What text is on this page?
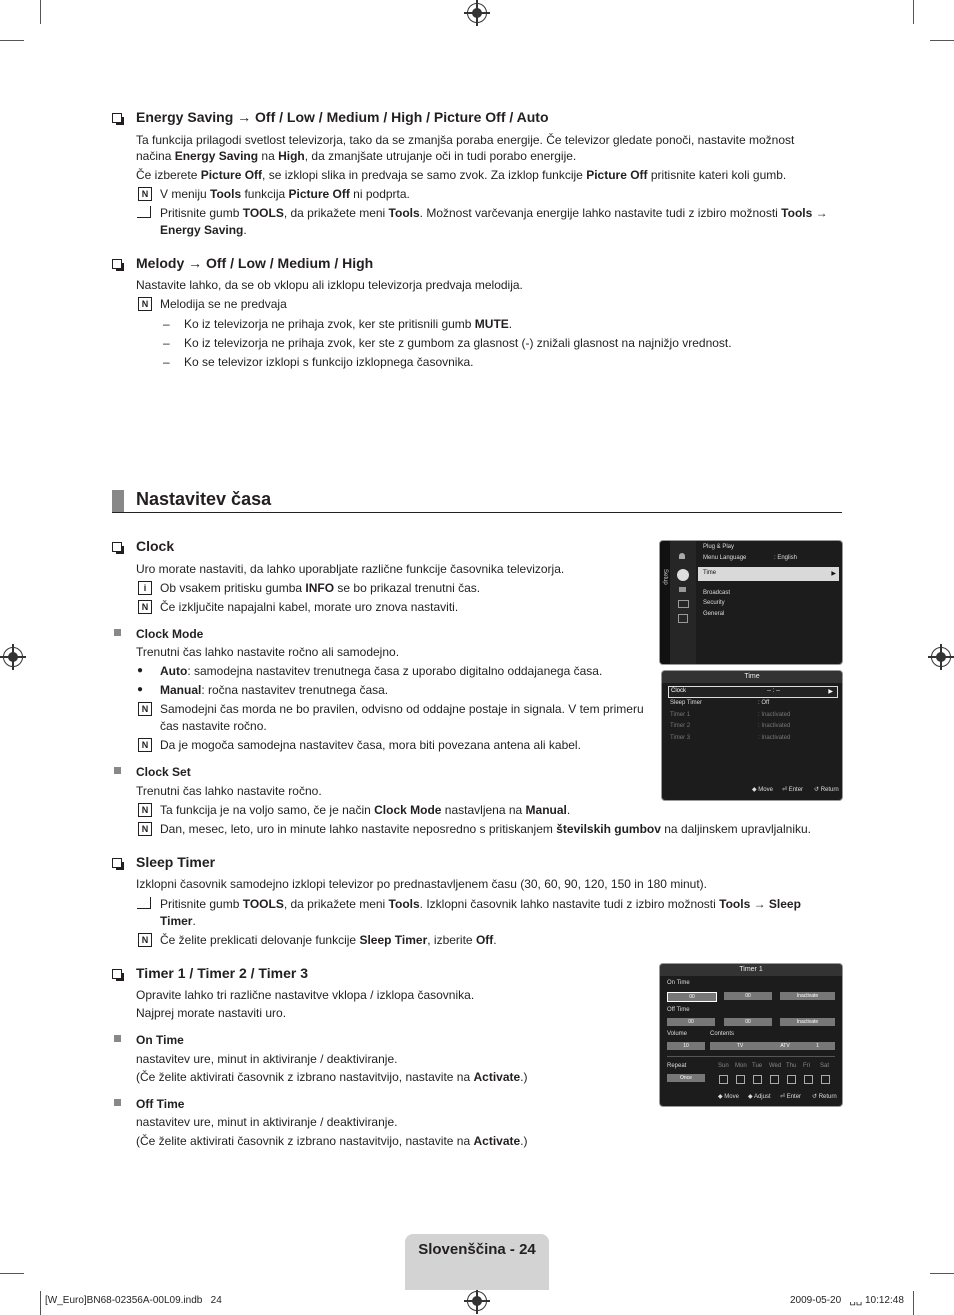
Energy Saving → Off / Low / Medium / High / Picture Off / Auto
Ta funkcija prilagodi svetlost televizorja, tako da se zmanjša poraba energije. Če televizor gledate ponoči, nastavite možnost
načina Energy Saving na High, da zmanjšate utrujanje oči in tudi porabo energije.
Če izberete Picture Off, se izklopi slika in predvaja se samo zvok. Za izklop funkcije Picture Off pritisnite kateri koli gumb.
N V meniju Tools funkcija Picture Off ni podprta.
Pritisnite gumb TOOLS, da prikažete meni Tools. Možnost varčevanja energije lahko nastavite tudi z izbiro možnosti Tools →
Energy Saving.
Melody → Off / Low / Medium / High
Nastavite lahko, da se ob vklopu ali izklopu televizorja predvaja melodija.
N Melodija se ne predvaja
– Ko iz televizorja ne prihaja zvok, ker ste pritisnili gumb MUTE.
– Ko iz televizorja ne prihaja zvok, ker ste z gumbom za glasnost (-) znižali glasnost na najnižjo vrednost.
– Ko se televizor izklopi s funkcijo izklopnega časovnika.
Nastavitev časa
Clock
Uro morate nastaviti, da lahko uporabljate različne funkcije časovnika televizorja.
i	Ob vsakem pritisku gumba INFO se bo prikazal trenutni čas.
N Če izključite napajalni kabel, morate uro znova nastaviti.
Clock Mode
Trenutni čas lahko nastavite ročno ali samodejno.
● Auto: samodejna nastavitev trenutnega časa z uporabo digitalno oddajanega časa.
● Manual: ročna nastavitev trenutnega časa.
N Samodejni čas morda ne bo pravilen, odvisno od oddajne postaje in signala. V tem primeru
čas nastavite ročno.
N Da je mogoča samodejna nastavitev časa, mora biti povezana antena ali kabel.
Clock Set
Trenutni čas lahko nastavite ročno.
N Ta funkcija je na voljo samo, če je način Clock Mode nastavljena na Manual.
N Dan, mesec, leto, uro in minute lahko nastavite neposredno s pritiskanjem številskih gumbov na daljinskem upravljalniku.
Sleep Timer
Izklopni časovnik samodejno izklopi televizor po prednastavljenem času (30, 60, 90, 120, 150 in 180 minut).
Pritisnite gumb TOOLS, da prikažete meni Tools. Izklopni časovnik lahko nastavite tudi z izbiro možnosti Tools → Sleep
Timer.
N Če želite preklicati delovanje funkcije Sleep Timer, izberite Off.
Timer 1 / Timer 2 / Timer 3
Opravite lahko tri različne nastavitve vklopa / izklopa časovnika.
Najprej morate nastaviti uro.
On Time
nastavitev ure, minut in aktiviranje / deaktiviranje.
(Če želite aktivirati časovnik z izbrano nastavitvijo, nastavite na Activate.)
Off Time
nastavitev ure, minut in aktiviranje / deaktiviranje.
(Če želite aktivirati časovnik z izbrano nastavitvijo, nastavite na Activate.)
Setup
Plug & Play
Menu Language	: English
Time	▶
Broadcast
Security
General
Time
Clock	-- : --	▶
Sleep Timer	: Off
Timer 1	: Inactivated
Timer 2	: Inactivated
Timer 3	: Inactivated
◆ Move ⏎ Enter ↺ Return
Timer 1
On Time
00	00	Inactivate
Off Time
00	00	Inactivate
Volume	Contents
10	TV	ATV	1
Repeat
Once
Sun Mon Tue Wed Thu Fri Sat
◆ Move ◆ Adjust ⏎ Enter ↺ Return
Slovenščina - 24
[W_Euro]BN68-02356A-00L09.indb   24	2009-05-20   ␣␣ 10:12:48
